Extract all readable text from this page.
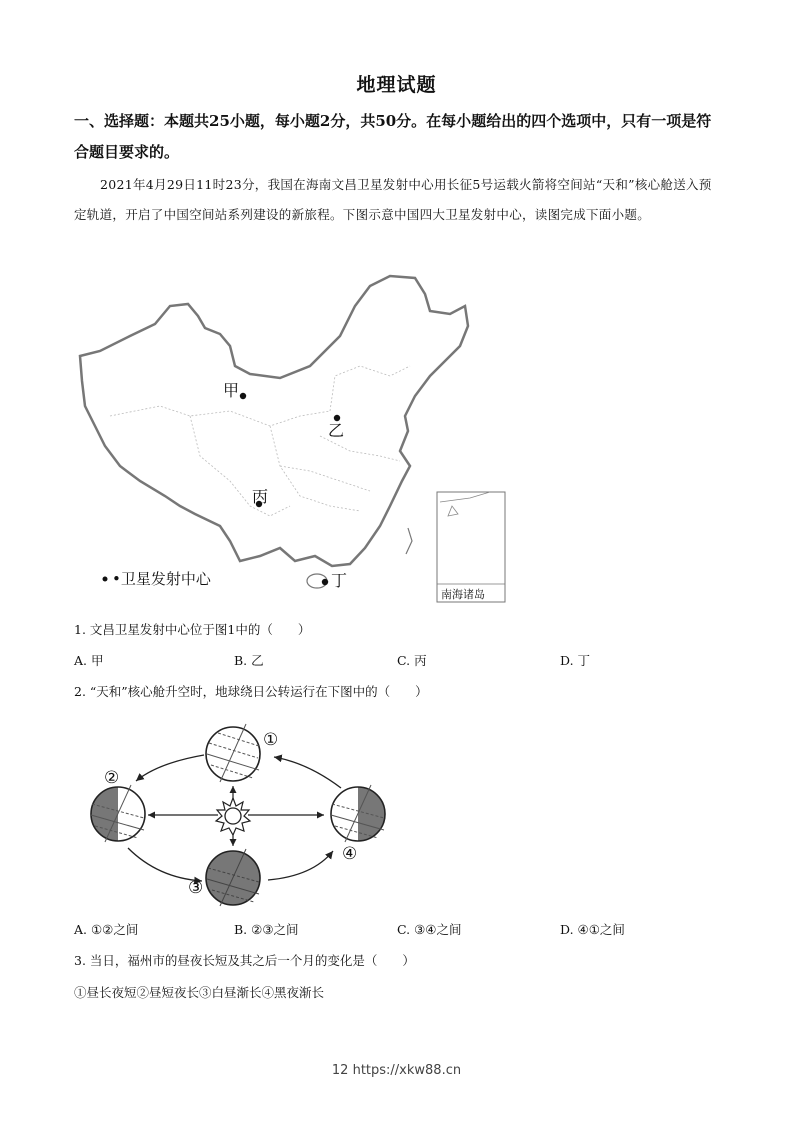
地理试题
一、选择题：本题共25小题，每小题2分，共50分。在每小题给出的四个选项中，只有一项是符合题目要求的。
2021年4月29日11时23分，我国在海南文昌卫星发射中心用长征5号运载火箭将空间站“天和”核心舱送入预定轨道，开启了中国空间站系列建设的新旅程。下图示意中国四大卫星发射中心，读图完成下面小题。
甲
乙
丙
丁
•卫星发射中心
南海诸岛
1. 文昌卫星发射中心位于图1中的（　　）
A. 甲	B. 乙	C. 丙	D. 丁
2. “天和”核心舱升空时，地球绕日公转运行在下图中的（　　）
①
②
③
④
A. ①②之间	B. ②③之间	C. ③④之间	D. ④①之间
3. 当日，福州市的昼夜长短及其之后一个月的变化是（　　）
①昼长夜短②昼短夜长③白昼渐长④黑夜渐长
12 https://xkw88.cn
